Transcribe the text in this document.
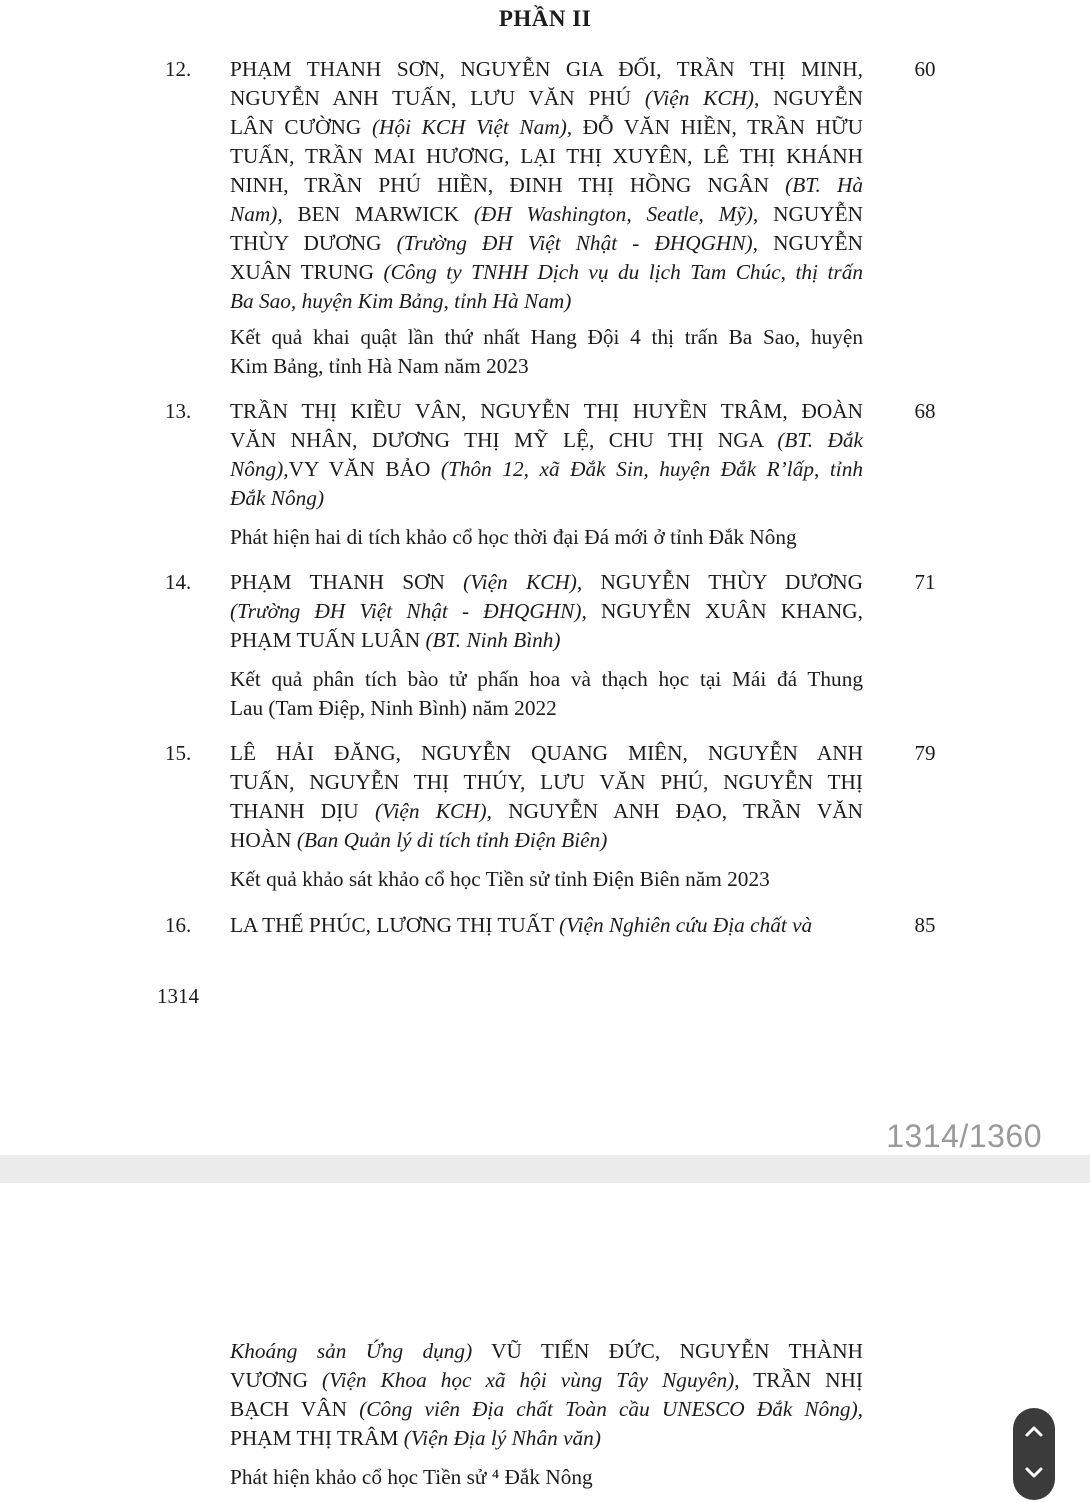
PHẦN II
12. PHẠM THANH SƠN, NGUYỄN GIA ĐỐI, TRẦN THỊ MINH,
NGUYỄN ANH TUẤN, LƯU VĂN PHÚ (Viện KCH), NGUYỄN
LÂN CƯỜNG (Hội KCH Việt Nam), ĐỖ VĂN HIỀN, TRẦN HỮU
TUẤN, TRẦN MAI HƯƠNG, LẠI THỊ XUYÊN, LÊ THỊ KHÁNH
NINH, TRẦN PHÚ HIỀN, ĐINH THỊ HỒNG NGÂN (BT. Hà
Nam), BEN MARWICK (ĐH Washington, Seatle, Mỹ), NGUYỄN
THÙY DƯƠNG (Trường ĐH Việt Nhật - ĐHQGHN), NGUYỄN
XUÂN TRUNG (Công ty TNHH Dịch vụ du lịch Tam Chúc, thị trấn
Ba Sao, huyện Kim Bảng, tỉnh Hà Nam)
Kết quả khai quật lần thứ nhất Hang Đội 4 thị trấn Ba Sao, huyện
Kim Bảng, tỉnh Hà Nam năm 2023
60
13. TRẦN THỊ KIỀU VÂN, NGUYỄN THỊ HUYỀN TRÂM, ĐOÀN
VĂN NHÂN, DƯƠNG THỊ MỸ LỆ, CHU THỊ NGA (BT. Đắk
Nông),VY VĂN BẢO (Thôn 12, xã Đắk Sin, huyện Đắk R’lấp, tỉnh
Đắk Nông)
Phát hiện hai di tích khảo cổ học thời đại Đá mới ở tỉnh Đắk Nông
68
14. PHẠM THANH SƠN (Viện KCH), NGUYỄN THÙY DƯƠNG
(Trường ĐH Việt Nhật - ĐHQGHN), NGUYỄN XUÂN KHANG,
PHẠM TUẤN LUÂN (BT. Ninh Bình)
Kết quả phân tích bào tử phấn hoa và thạch học tại Mái đá Thung
Lau (Tam Điệp, Ninh Bình) năm 2022
71
15. LÊ HẢI ĐĂNG, NGUYỄN QUANG MIÊN, NGUYỄN ANH
TUẤN, NGUYỄN THỊ THÚY, LƯU VĂN PHÚ, NGUYỄN THỊ
THANH DỊU (Viện KCH), NGUYỄN ANH ĐẠO, TRẦN VĂN
HOÀN (Ban Quản lý di tích tỉnh Điện Biên)
Kết quả khảo sát khảo cổ học Tiền sử tỉnh Điện Biên năm 2023
79
16. LA THẾ PHÚC, LƯƠNG THỊ TUẤT (Viện Nghiên cứu Địa chất và	85
1314
1314/1360
Khoáng sản Ứng dụng) VŨ TIẾN ĐỨC, NGUYỄN THÀNH
VƯƠNG (Viện Khoa học xã hội vùng Tây Nguyên), TRẦN NHỊ
BẠCH VÂN (Công viên Địa chất Toàn cầu UNESCO Đắk Nông),
PHẠM THỊ TRÂM (Viện Địa lý Nhân văn)
Phát hiện khảo cổ học Tiền sử ⁴ Đắk Nông
